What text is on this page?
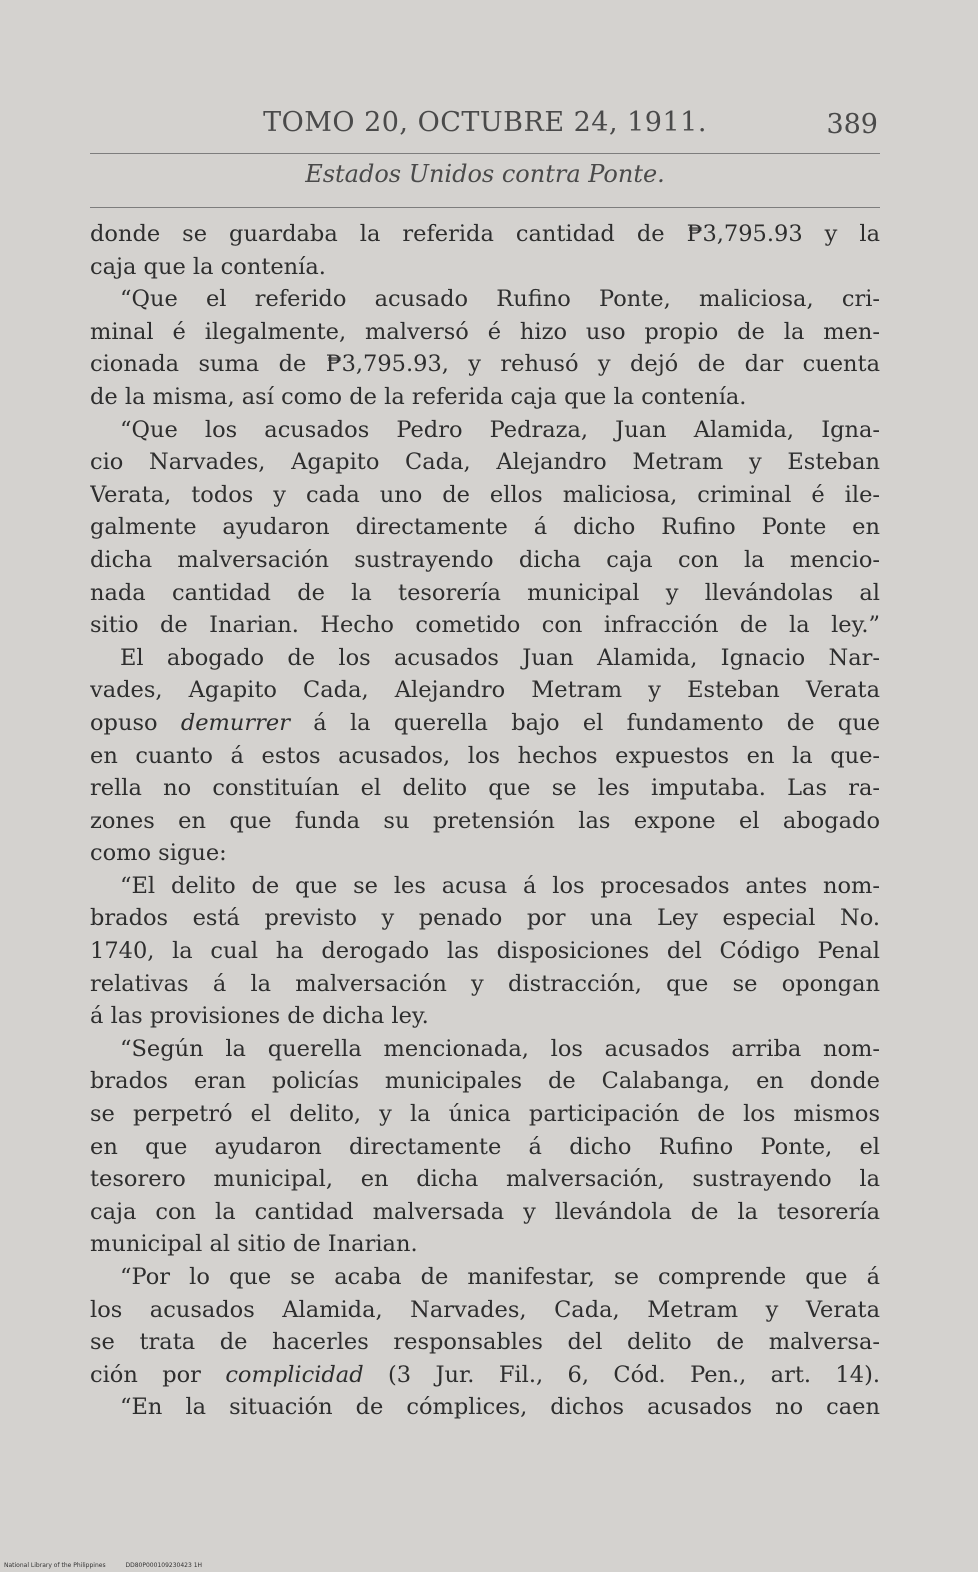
TOMO 20, OCTUBRE 24, 1911.	389
Estados Unidos contra Ponte.
donde se guardaba la referida cantidad de ₱3,795.93 y la
caja que la contenía.
“Que el referido acusado Rufino Ponte, maliciosa, cri-
minal é ilegalmente, malversó é hizo uso propio de la men-
cionada suma de ₱3,795.93, y rehusó y dejó de dar cuenta
de la misma, así como de la referida caja que la contenía.
“Que los acusados Pedro Pedraza, Juan Alamida, Igna-
cio Narvades, Agapito Cada, Alejandro Metram y Esteban
Verata, todos y cada uno de ellos maliciosa, criminal é ile-
galmente ayudaron directamente á dicho Rufino Ponte en
dicha malversación sustrayendo dicha caja con la mencio-
nada cantidad de la tesorería municipal y llevándolas al
sitio de Inarian. Hecho cometido con infracción de la ley.”
El abogado de los acusados Juan Alamida, Ignacio Nar-
vades, Agapito Cada, Alejandro Metram y Esteban Verata
opuso demurrer á la querella bajo el fundamento de que
en cuanto á estos acusados, los hechos expuestos en la que-
rella no constituían el delito que se les imputaba. Las ra-
zones en que funda su pretensión las expone el abogado
como sigue:
“El delito de que se les acusa á los procesados antes nom-
brados está previsto y penado por una Ley especial No.
1740, la cual ha derogado las disposiciones del Código Penal
relativas á la malversación y distracción, que se opongan
á las provisiones de dicha ley.
“Según la querella mencionada, los acusados arriba nom-
brados eran policías municipales de Calabanga, en donde
se perpetró el delito, y la única participación de los mismos
en que ayudaron directamente á dicho Rufino Ponte, el
tesorero municipal, en dicha malversación, sustrayendo la
caja con la cantidad malversada y llevándola de la tesorería
municipal al sitio de Inarian.
“Por lo que se acaba de manifestar, se comprende que á
los acusados Alamida, Narvades, Cada, Metram y Verata
se trata de hacerles responsables del delito de malversa-
ción por complicidad (3 Jur. Fil., 6, Cód. Pen., art. 14).
“En la situación de cómplices, dichos acusados no caen
National Library of the Philippines	DD80P000109230423 1H
